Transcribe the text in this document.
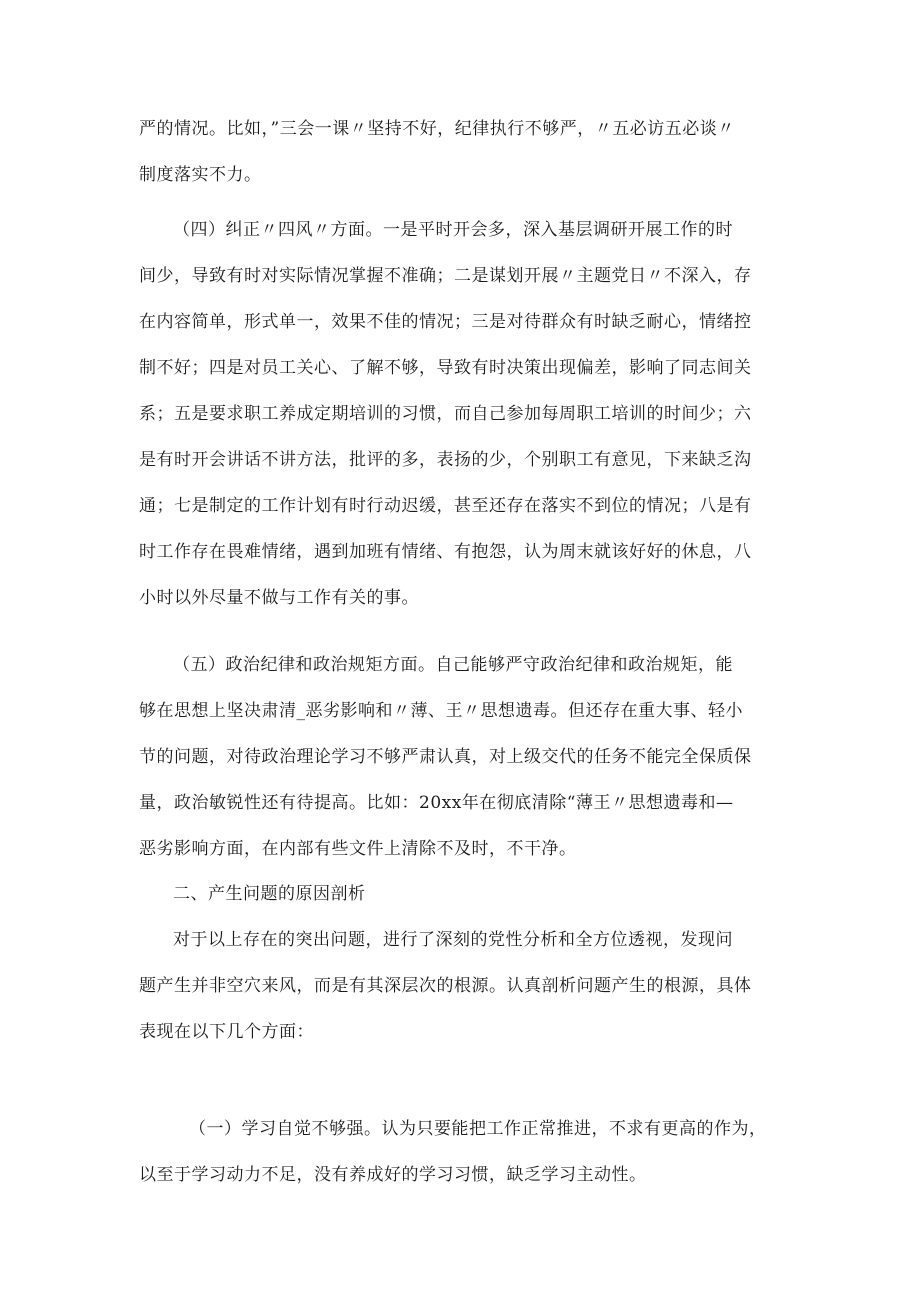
严的情况。比如，”三会一课〃坚持不好，纪律执行不够严，〃五必访五必谈〃
制度落实不力。
（四）纠正〃四风〃方面。一是平时开会多，深入基层调研开展工作的时
间少，导致有时对实际情况掌握不准确；二是谋划开展〃主题党日〃不深入，存
在内容简单，形式单一，效果不佳的情况；三是对待群众有时缺乏耐心，情绪控
制不好；四是对员工关心、了解不够，导致有时决策出现偏差，影响了同志间关
系；五是要求职工养成定期培训的习惯，而自己参加每周职工培训的时间少；六
是有时开会讲话不讲方法，批评的多，表扬的少，个别职工有意见，下来缺乏沟
通；七是制定的工作计划有时行动迟缓，甚至还存在落实不到位的情况；八是有
时工作存在畏难情绪，遇到加班有情绪、有抱怨，认为周末就该好好的休息，八
小时以外尽量不做与工作有关的事。
（五）政治纪律和政治规矩方面。自己能够严守政治纪律和政治规矩，能
够在思想上坚决肃清_恶劣影响和〃薄、王〃思想遗毒。但还存在重大事、轻小
节的问题，对待政治理论学习不够严肃认真，对上级交代的任务不能完全保质保
量，政治敏锐性还有待提高。比如：20xx年在彻底清除“薄王〃思想遗毒和—
恶劣影响方面，在内部有些文件上清除不及时，不干净。
二、产生问题的原因剖析
对于以上存在的突出问题，进行了深刻的党性分析和全方位透视，发现问
题产生并非空穴来风，而是有其深层次的根源。认真剖析问题产生的根源，具体
表现在以下几个方面：
（一）学习自觉不够强。认为只要能把工作正常推进，不求有更高的作为，
以至于学习动力不足，没有养成好的学习习惯，缺乏学习主动性。
